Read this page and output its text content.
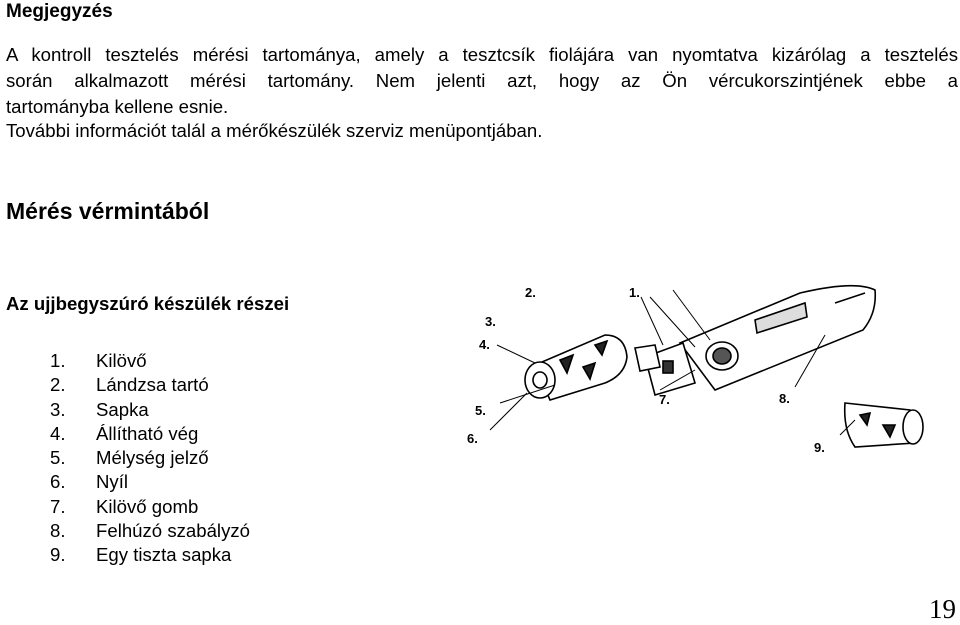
Megjegyzés
A kontroll tesztelés mérési tartománya, amely a tesztcsík fiolájára van nyomtatva kizárólag a tesztelés
során alkalmazott mérési tartomány. Nem jelenti azt, hogy az Ön vércukorszintjének ebbe a
tartományba kellene esnie.
További információt talál a mérőkészülék szerviz menüpontjában.
Mérés vérmintából
Az ujjbegyszúró készülék részei
1.	Kilövő
2.	Lándzsa tartó
3.	Sapka
4.	Állítható vég
5.	Mélység jelző
6.	Nyíl
7.	Kilövő gomb
8.	Felhúzó szabályzó
9.	Egy tiszta sapka
1.
2.
3.
4.
5.
6.
7.	8.
9.
19
